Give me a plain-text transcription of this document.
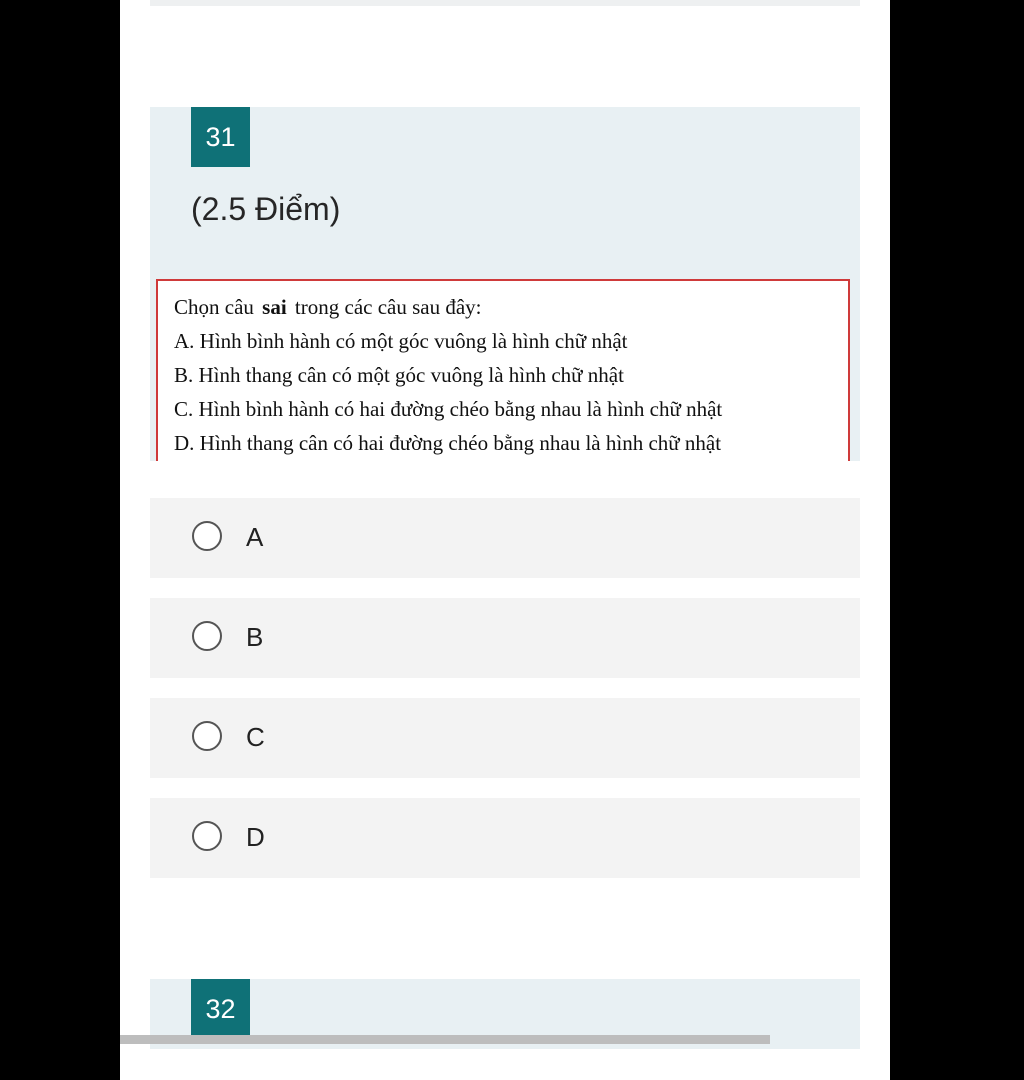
31
(2.5 Điểm)
Chọn câu sai trong các câu sau đây:
A. Hình bình hành có một góc vuông là hình chữ nhật
B. Hình thang cân có một góc vuông là hình chữ nhật
C. Hình bình hành có hai đường chéo bằng nhau là hình chữ nhật
D. Hình thang cân có hai đường chéo bằng nhau là hình chữ nhật
A
B
C
D
32
